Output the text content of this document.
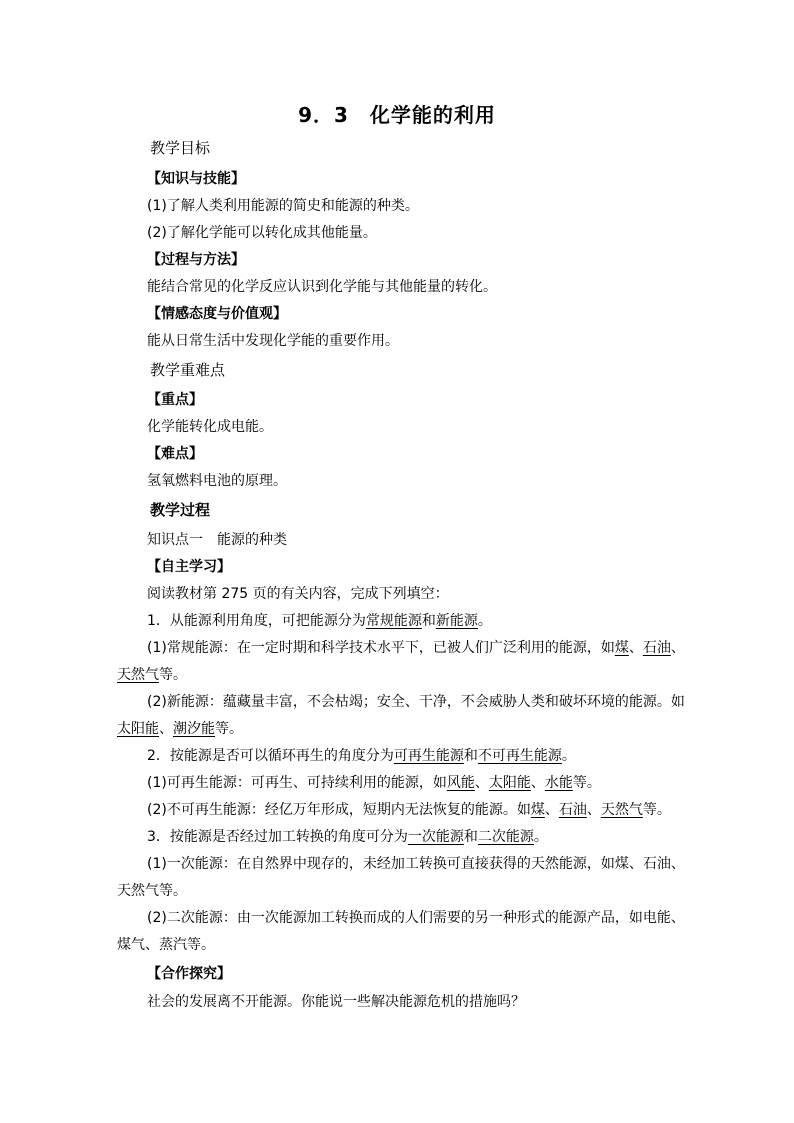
9．3　化学能的利用
教学目标
【知识与技能】
(1)了解人类利用能源的简史和能源的种类。
(2)了解化学能可以转化成其他能量。
【过程与方法】
能结合常见的化学反应认识到化学能与其他能量的转化。
【情感态度与价值观】
能从日常生活中发现化学能的重要作用。
教学重难点
【重点】
化学能转化成电能。
【难点】
氢氧燃料电池的原理。
教学过程
知识点一　能源的种类
【自主学习】
阅读教材第 275 页的有关内容，完成下列填空：
1．从能源利用角度，可把能源分为常规能源和新能源。
(1)常规能源：在一定时期和科学技术水平下，已被人们广泛利用的能源，如煤、石油、
天然气等。
(2)新能源：蕴藏量丰富，不会枯竭；安全、干净，不会威胁人类和破坏环境的能源。如
太阳能、潮汐能等。
2．按能源是否可以循环再生的角度分为可再生能源和不可再生能源。
(1)可再生能源：可再生、可持续利用的能源，如风能、太阳能、水能等。
(2)不可再生能源：经亿万年形成，短期内无法恢复的能源。如煤、石油、天然气等。
3．按能源是否经过加工转换的角度可分为一次能源和二次能源。
(1)一次能源：在自然界中现存的，未经加工转换可直接获得的天然能源，如煤、石油、
天然气等。
(2)二次能源：由一次能源加工转换而成的人们需要的另一种形式的能源产品，如电能、
煤气、蒸汽等。
【合作探究】
社会的发展离不开能源。你能说一些解决能源危机的措施吗？
